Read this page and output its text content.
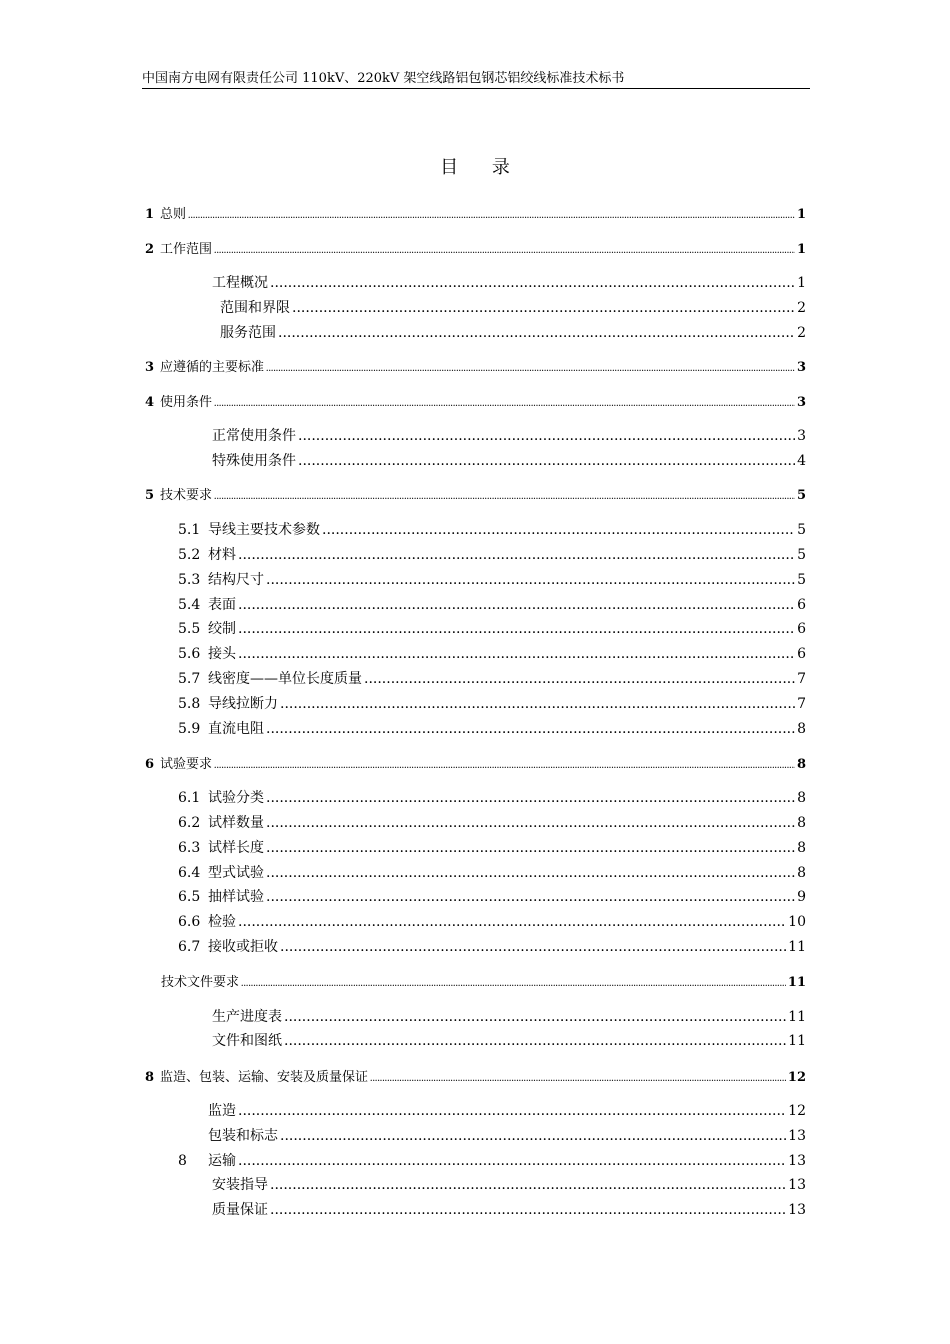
中国南方电网有限责任公司 110kV、220kV 架空线路铝包钢芯铝绞线标准技术标书
目 录
1 总则 .....	1
2 工作范围 .....	1
工程概况 .....	1
范围和界限 .....	2
服务范围 .....	2
3 应遵循的主要标准 .....	3
4 使用条件 .....	3
正常使用条件 .....	3
特殊使用条件 .....	4
5 技术要求 .....	5
5.1 导线主要技术参数 .....	5
5.2 材料 .....	5
5.3 结构尺寸 .....	5
5.4 表面 .....	6
5.5 绞制 .....	6
5.6 接头 .....	6
5.7 线密度——单位长度质量 .....	7
5.8 导线拉断力 .....	7
5.9 直流电阻 .....	8
6 试验要求 .....	8
6.1 试验分类 .....	8
6.2 试样数量 .....	8
6.3 试样长度 .....	8
6.4 型式试验 .....	8
6.5 抽样试验 .....	9
6.6 检验 .....	10
6.7 接收或拒收 .....	11
技术文件要求 .....	11
生产进度表 .....	11
文件和图纸 .....	11
8 监造、包装、运输、安装及质量保证 .....	12
监造 .....	12
包装和标志 .....	13
8	运输 .....	13
安装指导 .....	13
质量保证 .....	13
